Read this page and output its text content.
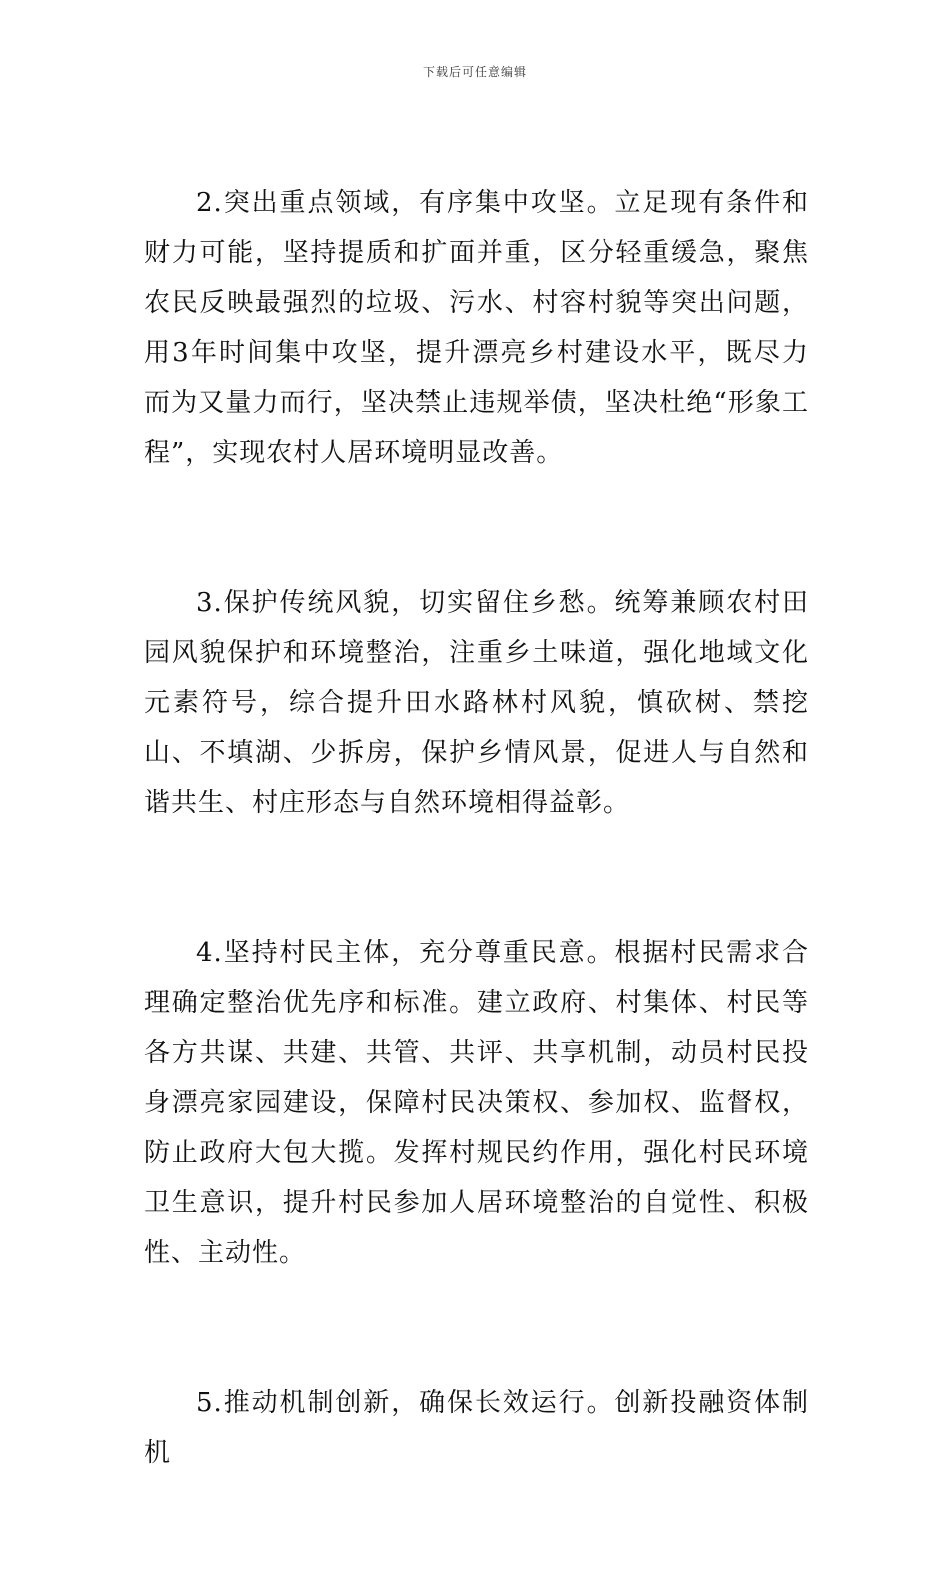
下载后可任意编辑

2.突出重点领域，有序集中攻坚。立足现有条件和财力可能，坚持提质和扩面并重，区分轻重缓急，聚焦农民反映最强烈的垃圾、污水、村容村貌等突出问题，用3年时间集中攻坚，提升漂亮乡村建设水平，既尽力而为又量力而行，坚决禁止违规举债，坚决杜绝“形象工程”，实现农村人居环境明显改善。

3.保护传统风貌，切实留住乡愁。统筹兼顾农村田园风貌保护和环境整治，注重乡土味道，强化地域文化元素符号，综合提升田水路林村风貌，慎砍树、禁挖山、不填湖、少拆房，保护乡情风景，促进人与自然和谐共生、村庄形态与自然环境相得益彰。

4.坚持村民主体，充分尊重民意。根据村民需求合理确定整治优先序和标准。建立政府、村集体、村民等各方共谋、共建、共管、共评、共享机制，动员村民投身漂亮家园建设，保障村民决策权、参加权、监督权，防止政府大包大揽。发挥村规民约作用，强化村民环境卫生意识，提升村民参加人居环境整治的自觉性、积极性、主动性。

5.推动机制创新，确保长效运行。创新投融资体制机
